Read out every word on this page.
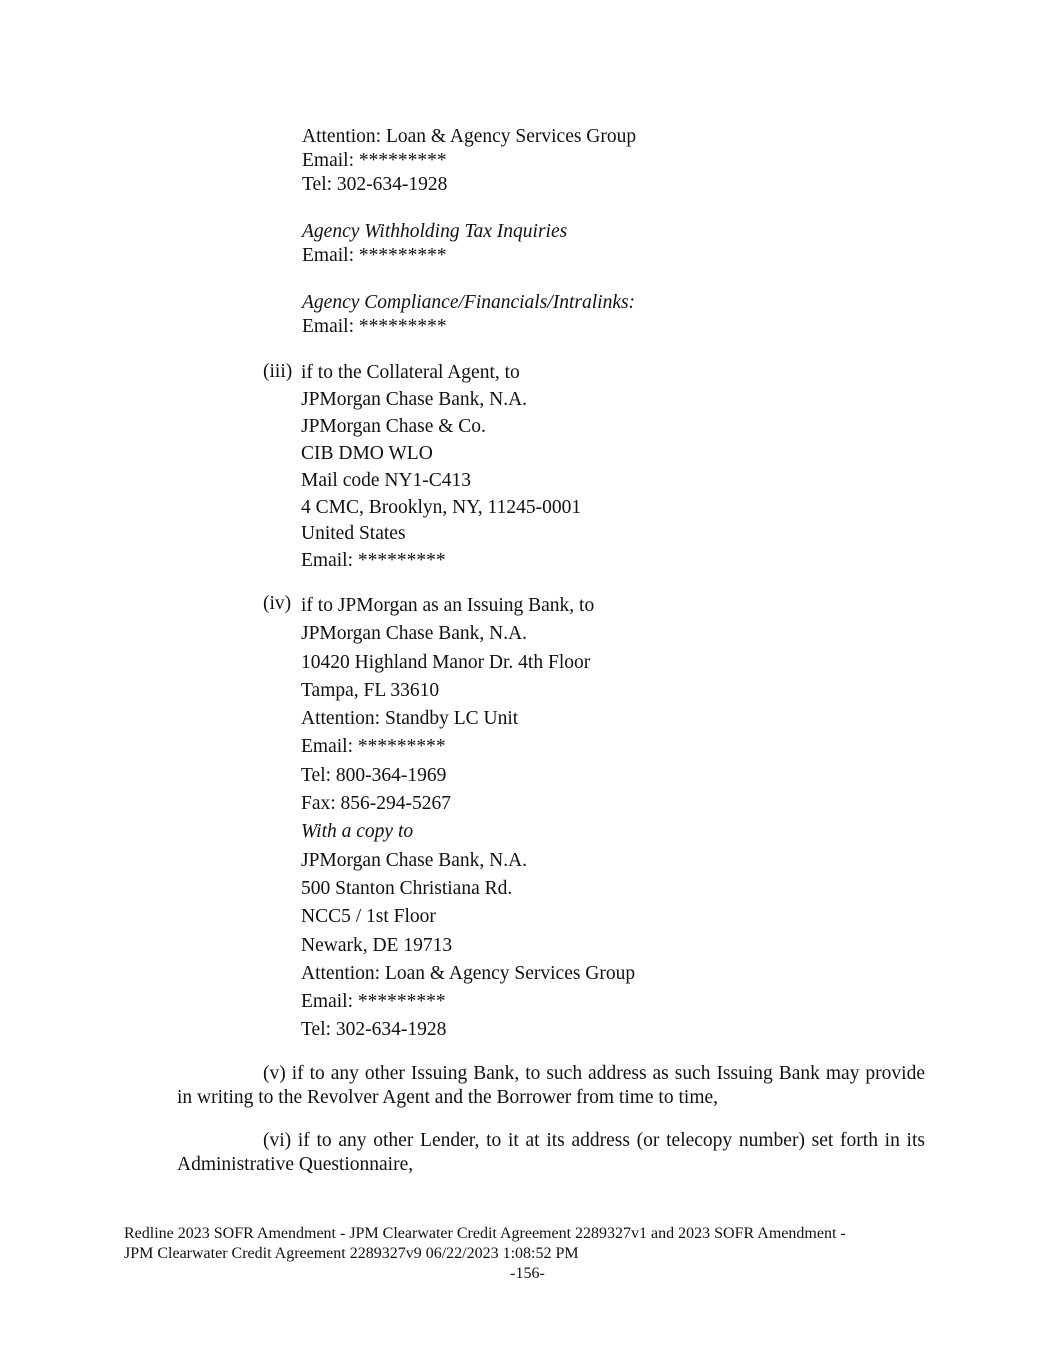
Attention: Loan & Agency Services Group
Email: *********
Tel: 302-634-1928
Agency Withholding Tax Inquiries
Email: *********
Agency Compliance/Financials/Intralinks:
Email: *********
(iii) if to the Collateral Agent, to
JPMorgan Chase Bank, N.A.
JPMorgan Chase & Co.
CIB DMO WLO
Mail code NY1-C413
4 CMC, Brooklyn, NY, 11245-0001
United States
Email: *********
(iv) if to JPMorgan as an Issuing Bank, to
JPMorgan Chase Bank, N.A.
10420 Highland Manor Dr. 4th Floor
Tampa, FL 33610
Attention: Standby LC Unit
Email: *********
Tel: 800-364-1969
Fax: 856-294-5267
With a copy to
JPMorgan Chase Bank, N.A.
500 Stanton Christiana Rd.
NCC5 / 1st Floor
Newark, DE 19713
Attention: Loan & Agency Services Group
Email: *********
Tel: 302-634-1928
(v) if to any other Issuing Bank, to such address as such Issuing Bank may provide in writing to the Revolver Agent and the Borrower from time to time,
(vi) if to any other Lender, to it at its address (or telecopy number) set forth in its Administrative Questionnaire,
Redline 2023 SOFR Amendment - JPM Clearwater Credit Agreement 2289327v1 and 2023 SOFR Amendment -
JPM Clearwater Credit Agreement 2289327v9 06/22/2023 1:08:52 PM
-156-
